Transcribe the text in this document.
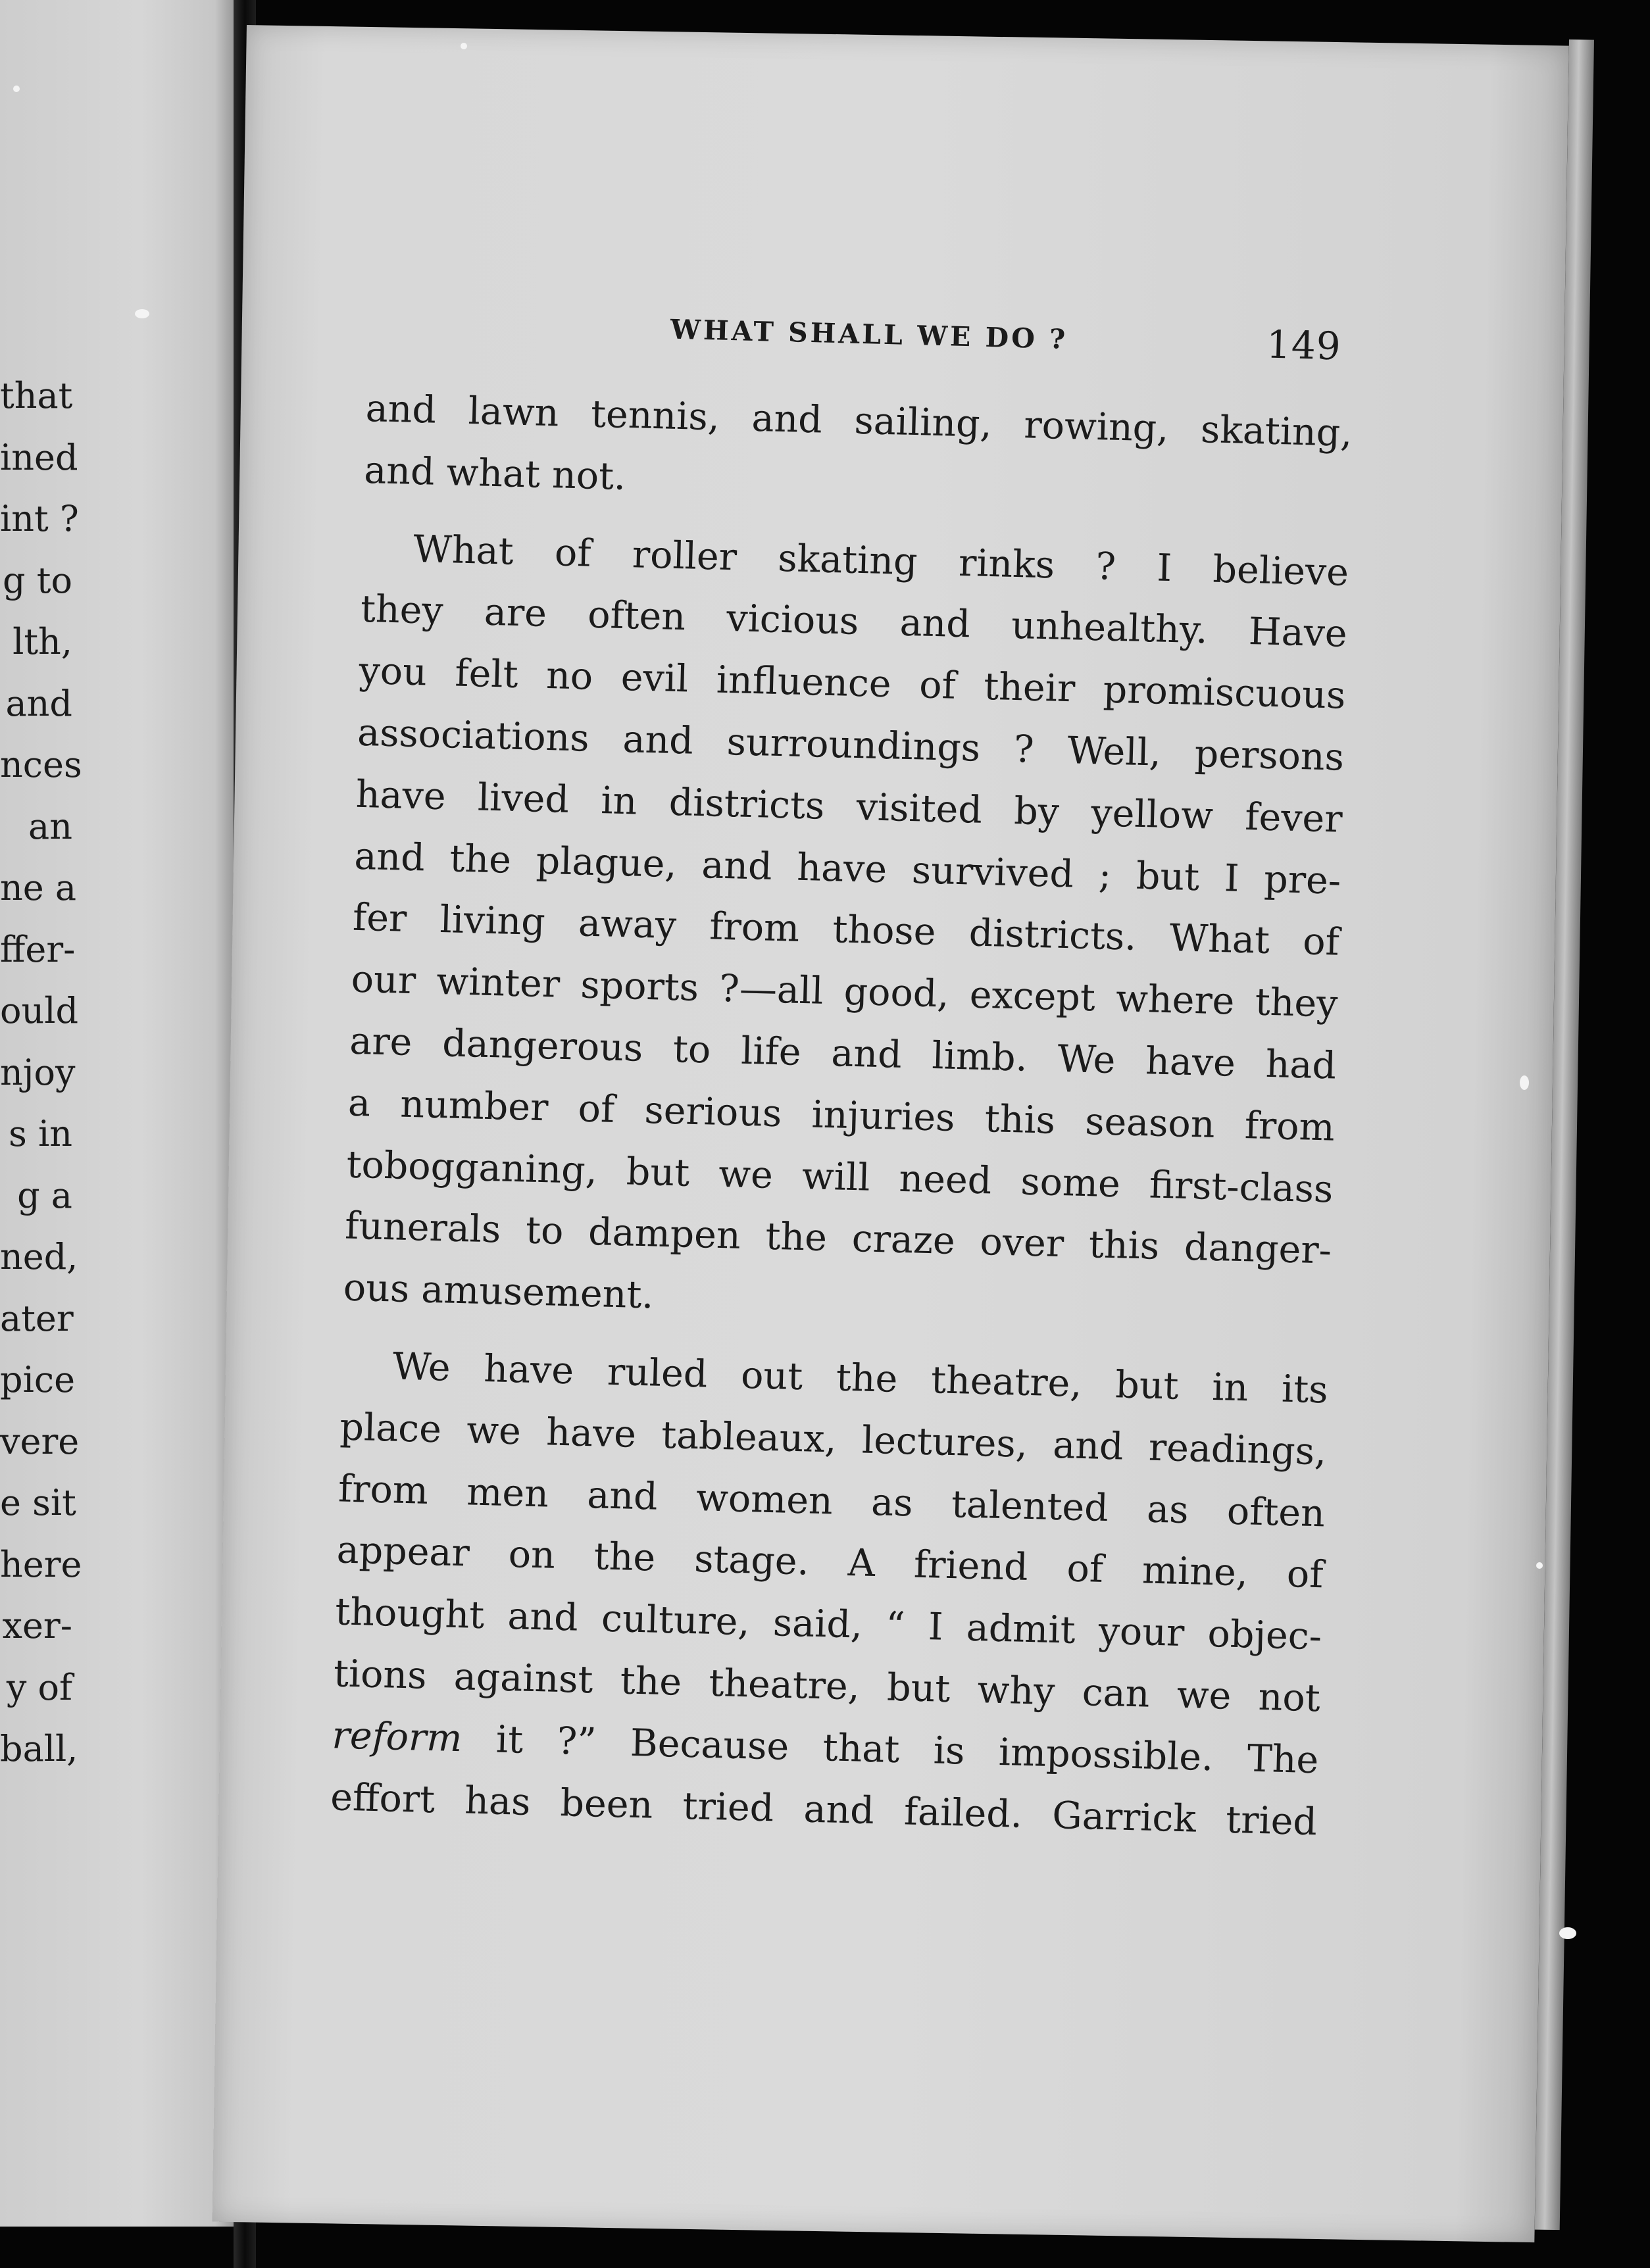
that
ined
int ?
g to
lth,
and
nces
an
ne a
ffer-
ould
njoy
s in
g a
ned,
ater
pice
vere
e sit
here
xer-
y of
ball,
WHAT SHALL WE DO ?	149
and lawn tennis, and sailing, rowing, skating,
and what not.
What of roller skating rinks ? I believe
they are often vicious and unhealthy. Have
you felt no evil influence of their promiscuous
associations and surroundings ? Well, persons
have lived in districts visited by yellow fever
and the plague, and have survived ; but I pre-
fer living away from those districts. What of
our winter sports ?—all good, except where they
are dangerous to life and limb. We have had
a number of serious injuries this season from
tobogganing, but we will need some first-class
funerals to dampen the craze over this danger-
ous amusement.
We have ruled out the theatre, but in its
place we have tableaux, lectures, and readings,
from men and women as talented as often
appear on the stage. A friend of mine, of
thought and culture, said, “ I admit your objec-
tions against the theatre, but why can we not
reform it ?” Because that is impossible. The
effort has been tried and failed. Garrick tried
